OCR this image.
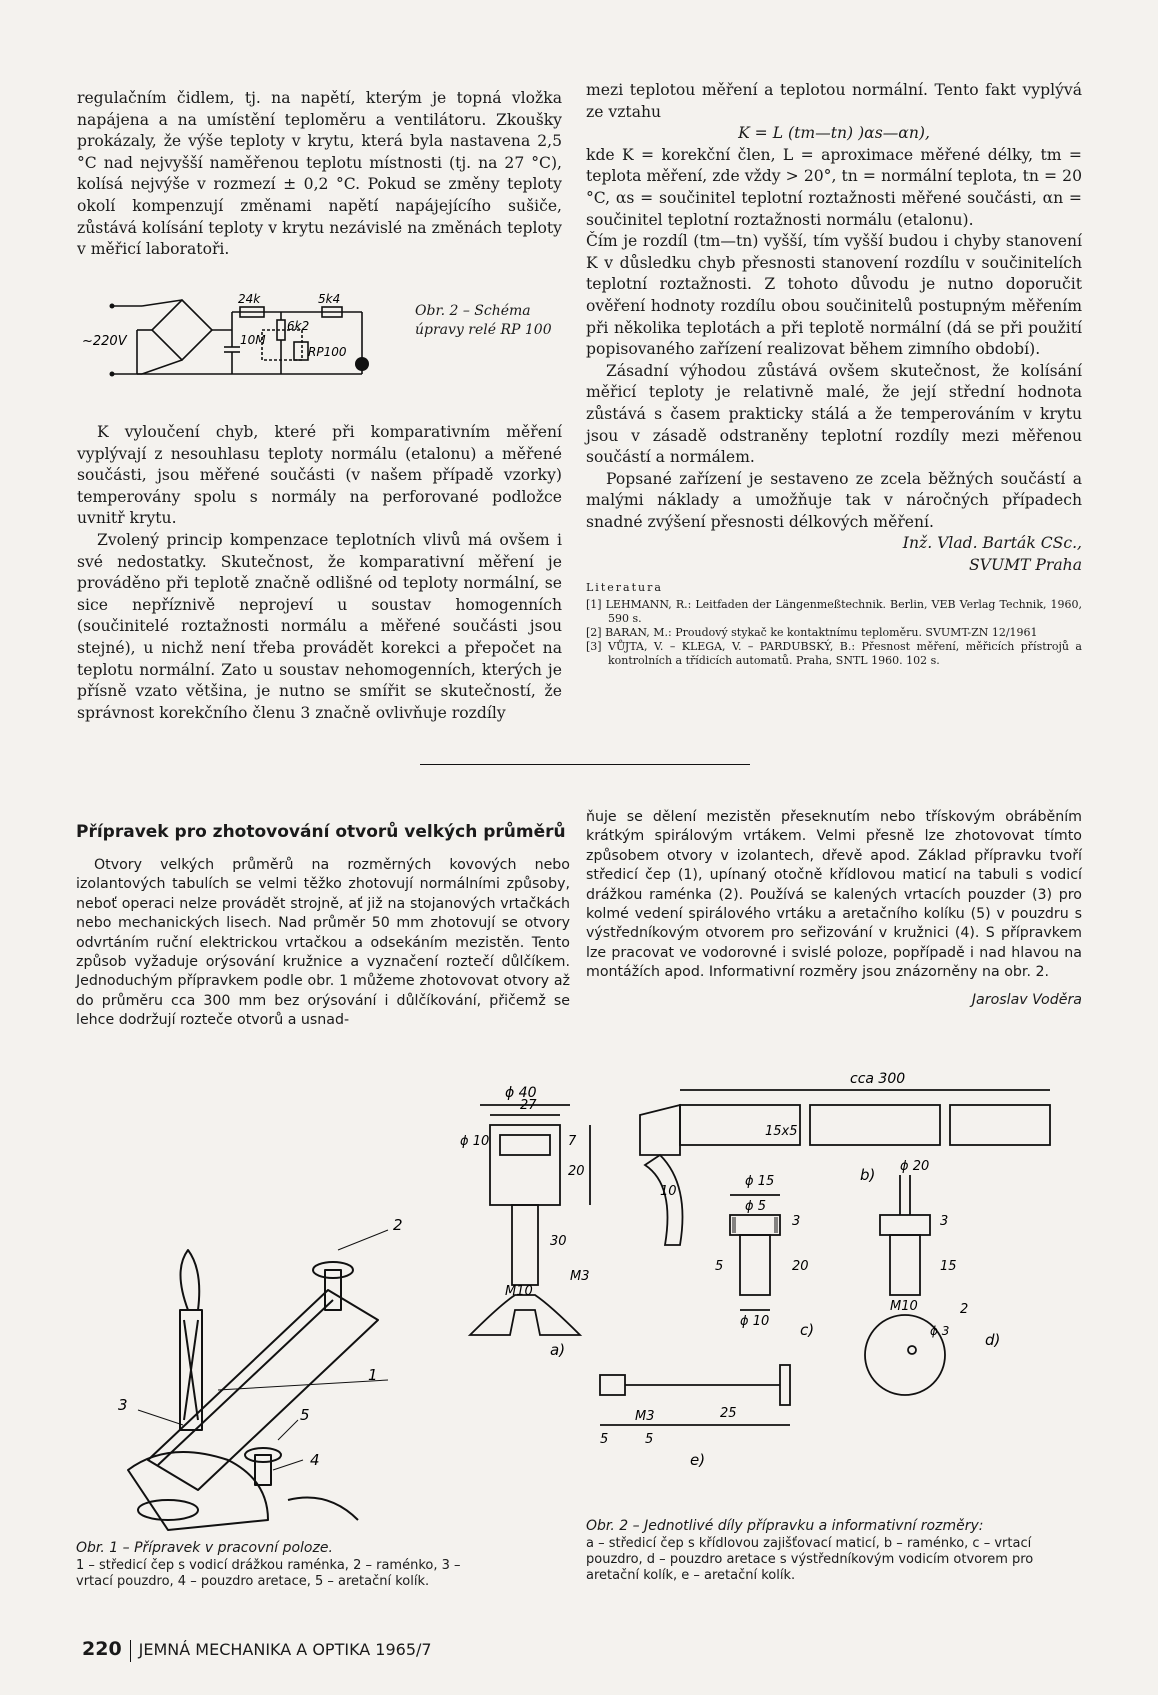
regulačním čidlem, tj. na napětí, kterým je topná vložka napájena a na umístění teploměru a ventilátoru. Zkoušky prokázaly, že výše teploty v krytu, která byla nastavena 2,5 °C nad nejvyšší naměřenou teplotu místnosti (tj. na 27 °C), kolísá nejvýše v rozmezí ± 0,2 °C. Pokud se změny teploty okolí kompenzují změnami napětí napájejícího sušiče, zůstává kolísání teploty v krytu nezávislé na změnách teploty v měřicí laboratoři.

~220V
24k	5k4
10M
6k2
RP100
Obr. 2 – Schéma úpravy relé RP 100

K vyloučení chyb, které při komparativním měření vyplývají z nesouhlasu teploty normálu (etalonu) a měřené součásti, jsou měřené součásti (v našem případě vzorky) temperovány spolu s normály na perforované podložce uvnitř krytu.

Zvolený princip kompenzace teplotních vlivů má ovšem i své nedostatky. Skutečnost, že komparativní měření je prováděno při teplotě značně odlišné od teploty normální, se sice nepříznivě neprojeví u soustav homogenních (součinitelé roztažnosti normálu a měřené součásti jsou stejné), u nichž není třeba provádět korekci a přepočet na teplotu normální. Zato u soustav nehomogenních, kterých je přísně vzato většina, je nutno se smířit se skutečností, že správnost korekčního členu 3 značně ovlivňuje rozdíly

mezi teplotou měření a teplotou normální. Tento fakt vyplývá ze vztahu

K = L (tm—tn) )αs—αn),

kde K = korekční člen, L = aproximace měřené délky, tm = teplota měření, zde vždy > 20°, tn = normální teplota, tn = 20 °C, αs = součinitel teplotní roztažnosti měřené součásti, αn = součinitel teplotní roztažnosti normálu (etalonu).

Čím je rozdíl (tm—tn) vyšší, tím vyšší budou i chyby stanovení K v důsledku chyb přesnosti stanovení rozdílu v součinitelích teplotní roztažnosti. Z tohoto důvodu je nutno doporučit ověření hodnoty rozdílu obou součinitelů postupným měřením při několika teplotách a při teplotě normální (dá se při použití popisovaného zařízení realizovat během zimního období).

Zásadní výhodou zůstává ovšem skutečnost, že kolísání měřicí teploty je relativně malé, že její střední hodnota zůstává s časem prakticky stálá a že temperováním v krytu jsou v zásadě odstraněny teplotní rozdíly mezi měřenou součástí a normálem.

Popsané zařízení je sestaveno ze zcela běžných součástí a malými náklady a umožňuje tak v náročných případech snadné zvýšení přesnosti délkových měření.

Inž. Vlad. Barták CSc.,

SVUMT Praha

Literatura

[1] LEHMANN, R.: Leitfaden der Längenmeßtechnik. Berlin, VEB Verlag Technik, 1960, 590 s.
[2] BARAN, M.: Proudový stykač ke kontaktnímu teploměru. SVUMT-ZN 12/1961
[3] VŮJTA, V. – KLEGA, V. – PARDUBSKÝ, B.: Přesnost měření, měřicích přístrojů a kontrolních a třídicích automatů. Praha, SNTL 1960. 102 s.
Přípravek pro zhotovování otvorů velkých průměrů

Otvory velkých průměrů na rozměrných kovových nebo izolantových tabulích se velmi těžko zhotovují normálními způsoby, neboť operaci nelze provádět strojně, ať již na stojanových vrtačkách nebo mechanických lisech. Nad průměr 50 mm zhotovují se otvory odvrtáním ruční elektrickou vrtačkou a odsekáním mezistěn. Tento způsob vyžaduje orýsování kružnice a vyznačení roztečí důlčíkem. Jednoduchým přípravkem podle obr. 1 můžeme zhotovovat otvory až do průměru cca 300 mm bez orýsování i důlčíkování, přičemž se lehce dodržují rozteče otvorů a usnad-

ňuje se dělení mezistěn přeseknutím nebo třískovým obráběním krátkým spirálovým vrtákem. Velmi přesně lze zhotovovat tímto způsobem otvory v izolantech, dřevě apod. Základ přípravku tvoří středicí čep (1), upínaný otočně křídlovou maticí na tabuli s vodicí drážkou raménka (2). Používá se kalených vrtacích pouzder (3) pro kolmé vedení spirálového vrtáku a aretačního kolíku (5) v pouzdru s výstředníkovým otvorem pro seřizování v kružnici (4). S přípravkem lze pracovat ve vodorovné i svislé poloze, popřípadě i nad hlavou na montážích apod. Informativní rozměry jsou znázorněny na obr. 2.

Jaroslav Voděra

1
2
3
4
5
ϕ 40
27
7
ϕ 10
20
30
M10
M3
a)
cca 300
15x5
b)
ϕ 15
ϕ 5
3
20
5
ϕ 10 c)
ϕ 20
3
15
M10
d)
10
2
ϕ 3
M3
5	5
25
e)
Obr. 1 – Přípravek v pracovní poloze.
1 – středicí čep s vodicí drážkou raménka, 2 – raménko, 3 – vrtací pouzdro, 4 – pouzdro aretace, 5 – aretační kolík.
Obr. 2 – Jednotlivé díly přípravku a informativní rozměry:
a – středicí čep s křídlovou zajišťovací maticí, b – raménko, c – vrtací pouzdro, d – pouzdro aretace s výstředníkovým vodicím otvorem pro aretační kolík, e – aretační kolík.
220 JEMNÁ MECHANIKA A OPTIKA 1965/7
